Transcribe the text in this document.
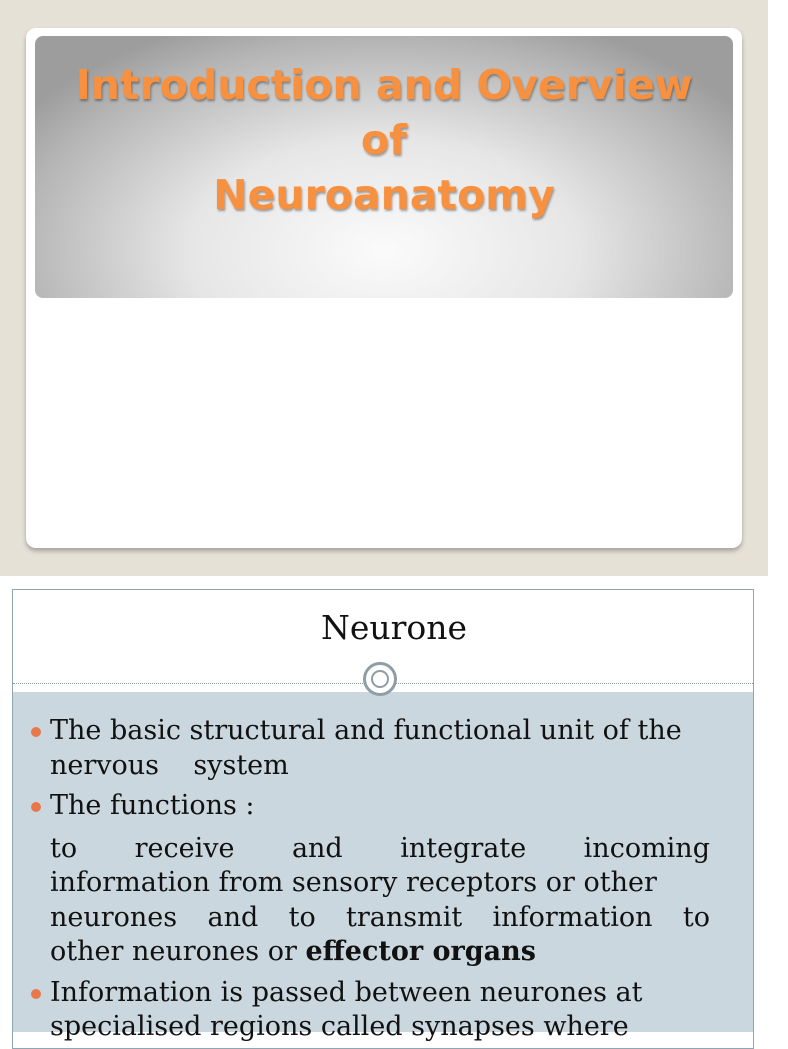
Introduction and Overview
of
Neuroanatomy
Neurone
The basic structural and functional unit of the
nervous    system
The functions :
to receive and integrate incoming
information from sensory receptors or other
neurones and to transmit information to
other neurones or effector organs
Information is passed between neurones at
specialised regions called synapses where
